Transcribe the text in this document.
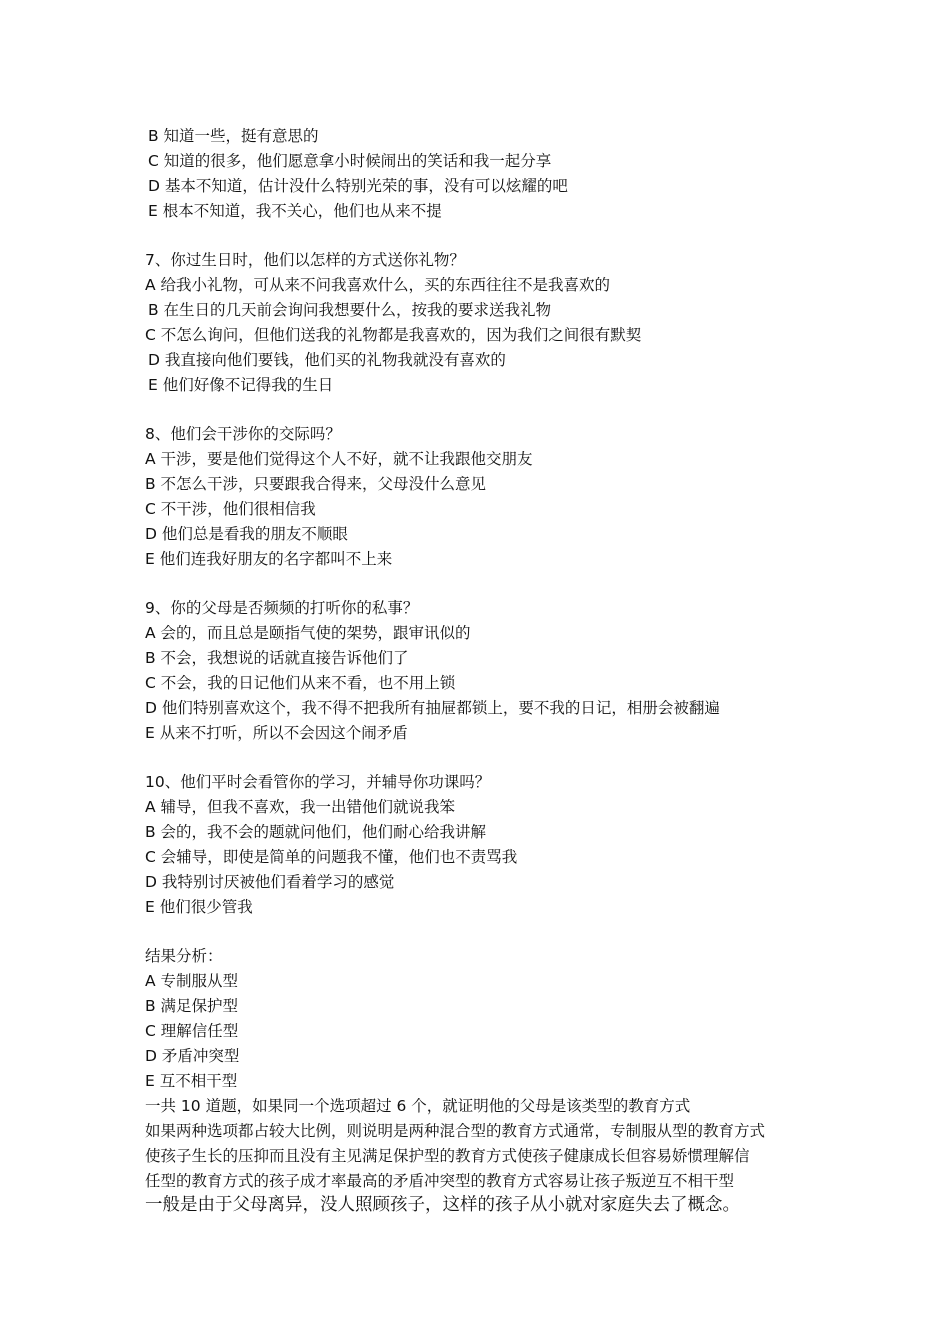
B 知道一些，挺有意思的
C 知道的很多，他们愿意拿小时候闹出的笑话和我一起分享
D 基本不知道，估计没什么特别光荣的事，没有可以炫耀的吧
E 根本不知道，我不关心，他们也从来不提
7、你过生日时，他们以怎样的方式送你礼物？
A 给我小礼物，可从来不问我喜欢什么，买的东西往往不是我喜欢的
B 在生日的几天前会询问我想要什么，按我的要求送我礼物
C 不怎么询问，但他们送我的礼物都是我喜欢的，因为我们之间很有默契
D 我直接向他们要钱，他们买的礼物我就没有喜欢的
E 他们好像不记得我的生日
8、他们会干涉你的交际吗？
A 干涉，要是他们觉得这个人不好，就不让我跟他交朋友
B 不怎么干涉，只要跟我合得来，父母没什么意见
C 不干涉，他们很相信我
D 他们总是看我的朋友不顺眼
E 他们连我好朋友的名字都叫不上来
9、你的父母是否频频的打听你的私事？
A 会的，而且总是颐指气使的架势，跟审讯似的
B 不会，我想说的话就直接告诉他们了
C 不会，我的日记他们从来不看，也不用上锁
D 他们特别喜欢这个，我不得不把我所有抽屉都锁上，要不我的日记，相册会被翻遍
E 从来不打听，所以不会因这个闹矛盾
10、他们平时会看管你的学习，并辅导你功课吗？
A 辅导，但我不喜欢，我一出错他们就说我笨
B 会的，我不会的题就问他们，他们耐心给我讲解
C 会辅导，即使是简单的问题我不懂，他们也不责骂我
D 我特别讨厌被他们看着学习的感觉
E 他们很少管我
结果分析：
A 专制服从型
B 满足保护型
C 理解信任型
D 矛盾冲突型
E 互不相干型
一共 10 道题，如果同一个选项超过 6 个，就证明他的父母是该类型的教育方式
如果两种选项都占较大比例，则说明是两种混合型的教育方式通常，专制服从型的教育方式
使孩子生长的压抑而且没有主见满足保护型的教育方式使孩子健康成长但容易娇惯理解信
任型的教育方式的孩子成才率最高的矛盾冲突型的教育方式容易让孩子叛逆互不相干型
一般是由于父母离异，没人照顾孩子，这样的孩子从小就对家庭失去了概念。
